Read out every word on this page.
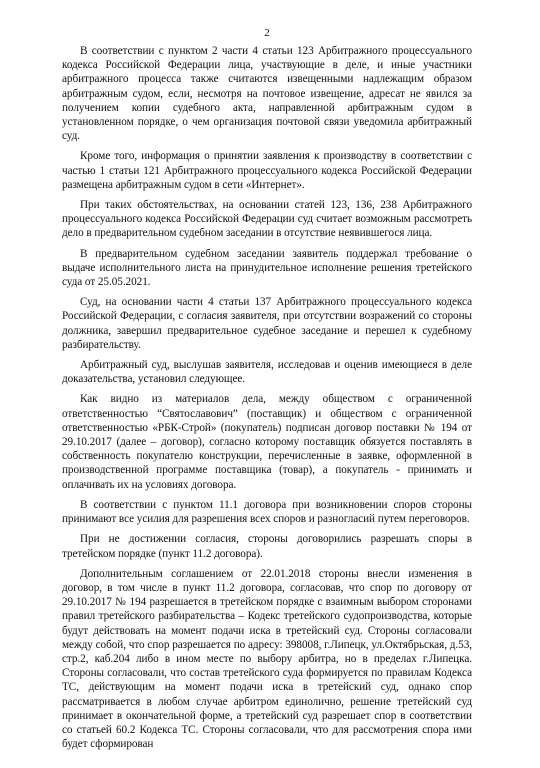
2

В соответствии с пунктом 2 части 4 статьи 123 Арбитражного процессуального кодекса Российской Федерации лица, участвующие в деле, и иные участники арбитражного процесса также считаются извещенными надлежащим образом арбитражным судом, если, несмотря на почтовое извещение, адресат не явился за получением копии судебного акта, направленной арбитражным судом в установленном порядке, о чем организация почтовой связи уведомила арбитражный суд.

Кроме того, информация о принятии заявления к производству в соответствии с частью 1 статьи 121 Арбитражного процессуального кодекса Российской Федерации размещена арбитражным судом в сети «Интернет».

При таких обстоятельствах, на основании статей 123, 136, 238 Арбитражного процессуального кодекса Российской Федерации суд считает возможным рассмотреть дело в предварительном судебном заседании в отсутствие неявившегося лица.

В предварительном судебном заседании заявитель поддержал требование о выдаче исполнительного листа на принудительное исполнение решения третейского суда от 25.05.2021.

Суд, на основании части 4 статьи 137 Арбитражного процессуального кодекса Российской Федерации, с согласия заявителя, при отсутствии возражений со стороны должника, завершил предварительное судебное заседание и перешел к судебному разбирательству.

Арбитражный суд, выслушав заявителя, исследовав и оценив имеющиеся в деле доказательства, установил следующее.

Как видно из материалов дела, между обществом с ограниченной ответственностью “Святославович” (поставщик) и обществом с ограниченной ответственностью «РБК-Строй» (покупатель) подписан договор поставки № 194 от 29.10.2017 (далее – договор), согласно которому поставщик обязуется поставлять в собственность покупателю конструкции, перечисленные в заявке, оформленной в производственной программе поставщика (товар), а покупатель - принимать и оплачивать их на условиях договора.

В соответствии с пунктом 11.1 договора при возникновении споров стороны принимают все усилия для разрешения всех споров и разногласий путем переговоров.

При не достижении согласия, стороны договорились разрешать споры в третейском порядке (пункт 11.2 договора).

Дополнительным соглашением от 22.01.2018 стороны внесли изменения в договор, в том числе в пункт 11.2 договора, согласовав, что спор по договору от 29.10.2017 № 194 разрешается в третейском порядке с взаимным выбором сторонами правил третейского разбирательства – Кодекс третейского судопроизводства, которые будут действовать на момент подачи иска в третейский суд. Стороны согласовали между собой, что спор разрешается по адресу: 398008, г.Липецк, ул.Октябрьская, д.53, стр.2, каб.204 либо в ином месте по выбору арбитра, но в пределах г.Липецка. Стороны согласовали, что состав третейского суда формируется по правилам Кодекса ТС, действующим на момент подачи иска в третейский суд, однако спор рассматривается в любом случае арбитром единолично, решение третейский суд принимает в окончательной форме, а третейский суд разрешает спор в соответствии со статьей 60.2 Кодекса ТС. Стороны согласовали, что для рассмотрения спора ими будет сформирован
